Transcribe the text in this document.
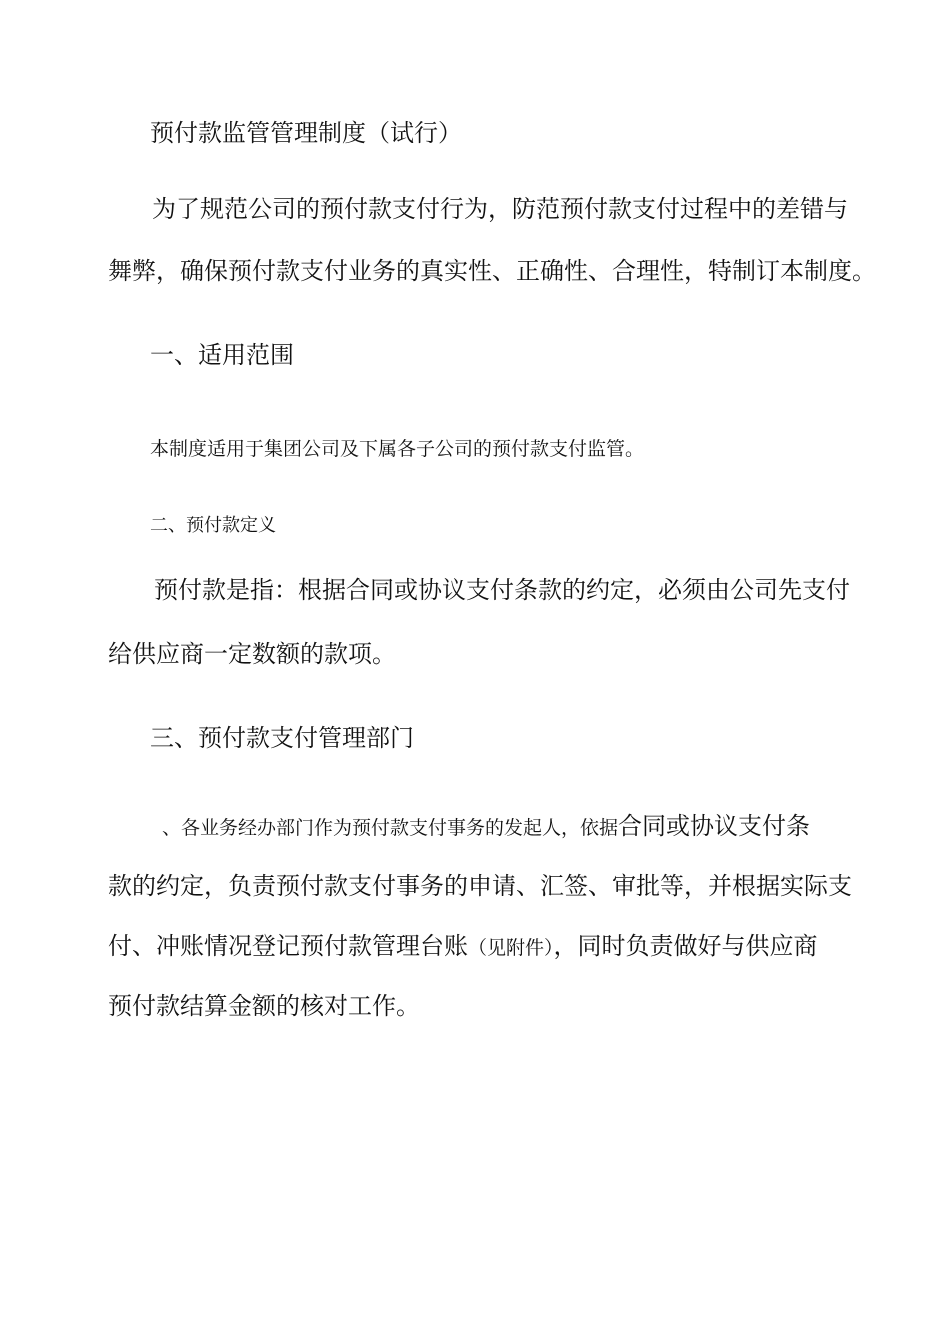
预付款监管管理制度（试行）

为了规范公司的预付款支付行为，防范预付款支付过程中的差错与

舞弊，确保预付款支付业务的真实性、正确性、合理性，特制订本制度。

一、适用范围

本制度适用于集团公司及下属各子公司的预付款支付监管。

二、预付款定义

预付款是指：根据合同或协议支付条款的约定，必须由公司先支付

给供应商一定数额的款项。

三、预付款支付管理部门

、各业务经办部门作为预付款支付事务的发起人，依据合同或协议支付条

款的约定，负责预付款支付事务的申请、汇签、审批等，并根据实际支

付、冲账情况登记预付款管理台账（见附件），同时负责做好与供应商

预付款结算金额的核对工作。
